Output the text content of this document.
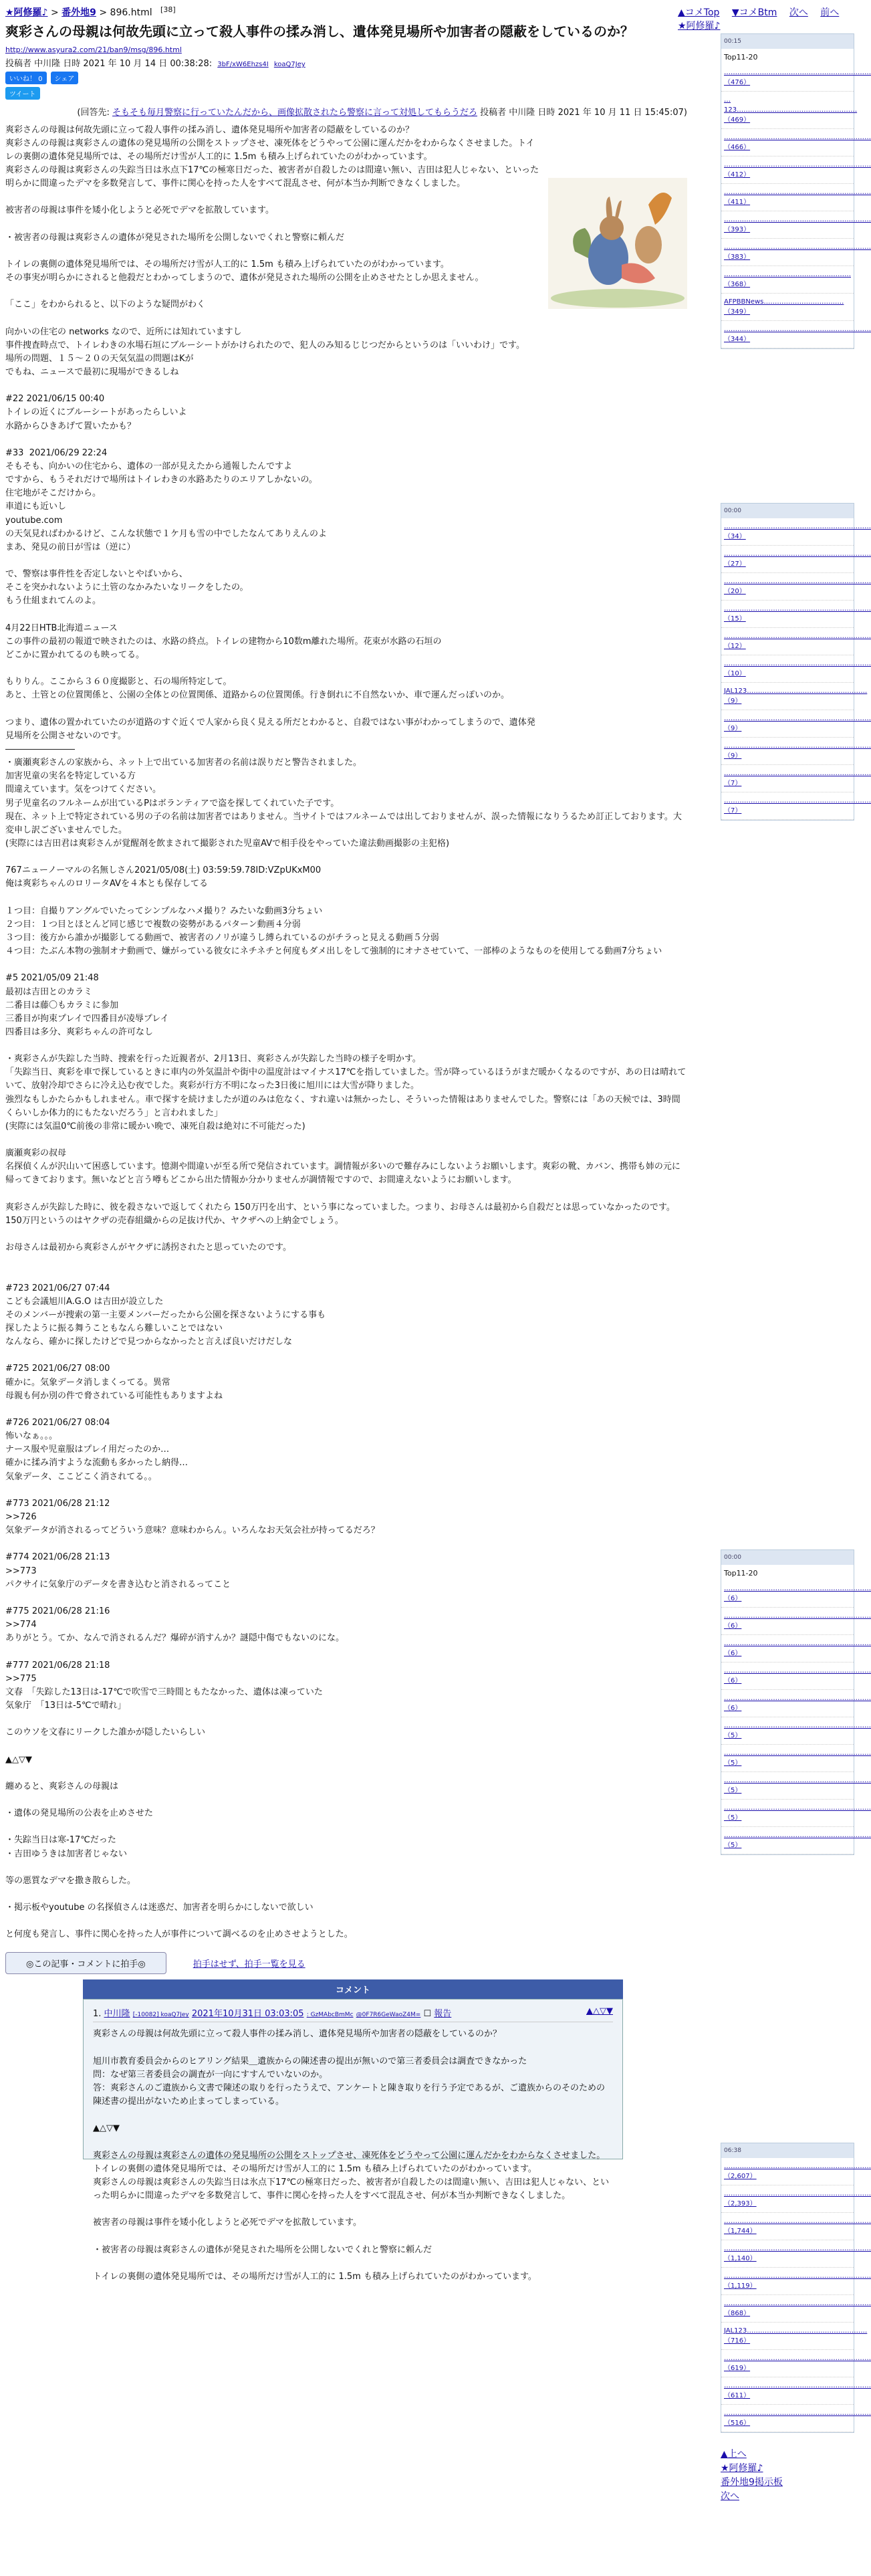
★阿修羅♪ > 番外地9 > 896.html [38]
爽彩さんの母親は何故先頭に立って殺人事件の揉み消し、遺体発見場所や加害者の隠蔽をしているのか？
http://www.asyura2.com/21/ban9/msg/896.html
投稿者 中川隆 日時 2021 年 10 月 14 日 00:38:28: 3bF/xW6Ehzs4I koaQ7Jey
いいね！ 0	シェア
ツイート
(回答先: そもそも毎月警察に行っていたんだから、画像拡散されたら警察に言って対処してもらうだろ 投稿者 中川隆 日時 2021 年 10 月 11 日 15:45:07)
爽彩さんの母親は何故先頭に立って殺人事件の揉み消し、遺体発見場所や加害者の隠蔽をしているのか？
爽彩さんの母親は爽彩さんの遺体の発見場所の公開をストップさせ、凍死体をどうやって公園に運んだかをわからなくさせました。トイレの裏側の遺体発見場所では、その場所だけ雪が人工的に 1.5m も積み上げられていたのがわかっています。
爽彩さんの母親は爽彩さんの失踪当日は氷点下17℃の極寒日だった、被害者が自殺したのは間違い無い、吉田は犯人じゃない、といった明らかに間違ったデマを多数発言して、事件に関心を持った人をすべて混乱させ、何が本当か判断できなくしました。

被害者の母親は事件を矮小化しようと必死でデマを拡散しています。

・被害者の母親は爽彩さんの遺体が発見された場所を公開しないでくれと警察に頼んだ

トイレの裏側の遺体発見場所では、その場所だけ雪が人工的に 1.5m も積み上げられていたのがわかっています。
その事実が明らかにされると他殺だとわかってしまうので、遺体が発見された場所の公開を止めさせたとしか思えません。

「ここ」をわかられると、以下のような疑問がわく

向かいの住宅の networks なので、近所には知れていますし
事件捜査時点で、トイレわきの水場石垣にブルーシートがかけられたので、犯人のみ知るじじつだからというのは「いいわけ」です。
場所の問題、１５～２０の天気気温の問題はKが
でもね、ニュースで最初に現場ができるしね

#22 2021/06/15 00:40
トイレの近くにブルーシートがあったらしいよ
水路からひきあげて置いたかも？

#33  2021/06/29 22:24
そもそも、向かいの住宅から、遺体の一部が見えたから通報したんですよ
ですから、もうそれだけで場所はトイレわきの水路あたりのエリアしかないの。
住宅地がそこだけから。
車道にも近いし
youtube.com
の天気見ればわかるけど、こんな状態で１ケ月も雪の中でしたなんてありえんのよ
まあ、発見の前日が雪は（逆に）

で、警察は事件性を否定しないとやばいから、
そこを突かれないように土管のなかみたいなリークをしたの。
もう仕組まれてんのよ。

4月22日HTB北海道ニュース
この事件の最初の報道で映されたのは、水路の終点。トイレの建物から10数m離れた場所。花束が水路の石垣の
どこかに置かれてるのも映ってる。

もりりん。ここから３６０度撮影と、石の場所特定して。
あと、土管との位置関係と、公園の全体との位置関係、道路からの位置関係。行き倒れに不自然ないか、車で運んだっぽいのか。

つまり、遺体の置かれていたのが道路のすぐ近くで人家から良く見える所だとわかると、自殺ではない事がわかってしまうので、遺体発見場所を公開させないのです。
――――――――
・廣瀬爽彩さんの家族から、ネット上で出ている加害者の名前は誤りだと警告されました。
加害児童の実名を特定している方
間違えています。気をつけてください。
男子児童名のフルネームが出ているPはボランティアで盗を探してくれていた子です。
現在、ネット上で特定されている男の子の名前は加害者ではありません。当サイトではフルネームでは出しておりませんが、誤った情報になりうるため訂正しております。大変申し訳ございませんでした。
(実際には吉田君は爽彩さんが覚醒剤を飲まされて撮影された児童AVで相手役をやっていた違法動画撮影の主犯格)

767ニューノーマルの名無しさん2021/05/08(土) 03:59:59.78ID:VZpUKxM00
俺は爽彩ちゃんのロリータAVを４本とも保存してる

１つ目：自撮りアングルでいたってシンプルなハメ撮り？みたいな動画3分ちょい
２つ目：１つ目とほとんど同じ感じで複数の姿勢があるパターン動画４分弱
３つ目：後方から誰かが撮影してる動画で、被害者のノリが違うし縛られているのがチラっと見える動画５分弱
４つ目：たぶん本物の強制オナ動画で、嫌がっている彼女にネチネチと何度もダメ出しをして強制的にオナさせていて、一部棒のようなものを使用してる動画7分ちょい

#5 2021/05/09 21:48
最初は吉田とのカラミ
二番目は藤〇もカラミに参加
三番目が拘束プレイで四番目が凌辱プレイ
四番目は多分、爽彩ちゃんの許可なし

・爽彩さんが失踪した当時、捜索を行った近親者が、2月13日、爽彩さんが失踪した当時の様子を明かす。
「失踪当日、爽彩を車で探しているときに車内の外気温計や街中の温度計はマイナス17℃を指していました。雪が降っているほうがまだ暖かくなるのですが、あの日は晴れていて、放射冷却でさらに冷え込む夜でした。爽彩が行方不明になった3日後に旭川には大雪が降りました。
強烈なもしかたらかもしれません。車で探すを続けましたが道のみは危なく、すれ違いは無かったし、そういった情報はありませんでした。警察には「あの天候では、3時間くらいしか体力的にもたないだろう」と言われました」
(実際には気温0℃前後の非常に暖かい晩で、凍死自殺は絶対に不可能だった)

廣瀬爽彩の叔母
名探偵くんが沢山いて困惑しています。憶測や間違いが至る所で発信されています。調情報が多いので難存みにしないようお願いします。爽彩の靴、カバン、携帯も姉の元に帰ってきております。無いなどと言う噂もどこから出た情報か分かりませんが調情報ですので、お間違えないようにお願いします。

爽彩さんが失踪した時に、彼を殺さないで返してくれたら 150万円を出す、という事になっていました。つまり、お母さんは最初から自殺だとは思っていなかったのです。150万円というのはヤクザの売春組織からの足抜け代か、ヤクザへの上納金でしょう。

お母さんは最初から爽彩さんがヤクザに誘拐されたと思っていたのです。

#723 2021/06/27 07:44
こども会議旭川A.G.O は吉田が設立した
そのメンバーが捜索の第一主要メンバーだったから公園を探さないようにする事も
探したように振る舞うこともなんら難しいことではない
なんなら、確かに探したけどで見つからなかったと言えば良いだけだしな

#725 2021/06/27 08:00
確かに。気象データ消しまくってる。異常
母親も何か別の件で脅されている可能性もありますよね

#726 2021/06/27 08:04
怖いなぁ。。。
ナース服や児童服はプレイ用だったのか…
確かに揉み消すような流動も多かったし納得…
気象データ、ここどこく消されてる。。

#773 2021/06/28 21:12
>>726
気象データが消されるってどういう意味？意味わからん。いろんなお天気会社が持ってるだろ？

#774 2021/06/28 21:13
>>773
パクサイに気象庁のデータを書き込むと消されるってこと

#775 2021/06/28 21:16
>>774
ありがとう。てか、なんで消されるんだ？爆碎が消すんか？謎隠中傷でもないのにな。

#777 2021/06/28 21:18
>>775
文春　「失踪した13日は-17℃で吹雪で三時間ともたなかった、遺体は凍っていた
気象庁　「13日は-5℃で晴れ」

このウソを文春にリークした誰かが隠したいらしい

▲△▽▼

纏めると、爽彩さんの母親は

・遺体の発見場所の公表を止めさせた

・失踪当日は寒-17℃だった
・吉田ゆうきは加害者じゃない

等の悪質なデマを撒き散らした。

・掲示板やyoutube の名探偵さんは迷惑だ、加害者を明らかにしないで欲しい

と何度も発言し、事件に関心を持った人が事件について調べるのを止めさせようとした。
◎この記事・コメントに拍手◎	拍手はせず、拍手一覧を見る
コメント
1. 中川隆 [-10082] koaQ7Jey 2021年10月31日 03:03:05 : GzMAbcBmMc @0F7R6GeWaoZ4M= ☐ 報告	▲△▽▼
爽彩さんの母親は何故先頭に立って殺人事件の揉み消し、遺体発見場所や加害者の隠蔽をしているのか？

旭川市教育委員会からのヒアリング結果＿遺族からの陳述書の提出が無いので第三者委員会は調査できなかった
問：なぜ第三者委員会の調査が一向にすすんでいないのか。
答：爽彩さんのご遺族から文書で陳述の取りを行ったうえで、アンケートと陳き取りを行う予定であるが、ご遺族からのそのための陳述書の提出がないため止まってしまっている。

▲△▽▼

爽彩さんの母親は爽彩さんの遺体の発見場所の公開をストップさせ、凍死体をどうやって公園に運んだかをわからなくさせました。トイレの裏側の遺体発見場所では、その場所だけ雪が人工的に 1.5m も積み上げられていたのがわかっています。
爽彩さんの母親は爽彩さんの失踪当日は氷点下17℃の極寒日だった、被害者が自殺したのは間違い無い、吉田は犯人じゃない、といった明らかに間違ったデマを多数発言して、事件に関心を持った人をすべて混乱させ、何が本当か判断できなくしました。

被害者の母親は事件を矮小化しようと必死でデマを拡散しています。

・被害者の母親は爽彩さんの遺体が発見された場所を公開しないでくれと警察に頼んだ

トイレの裏側の遺体発見場所では、その場所だけ雪が人工的に 1.5m も積み上げられていたのがわかっています。
▲コメTop ▼コメBtm 次へ 前へ ★阿修羅♪
00:15
Top11-20
…………………………………………………………（476）
…123………………………………………………（469）
…………………………………………………………（466）
…………………………………………………………（412）
…………………………………………………………（411）
…………………………………………………………（393）
…………………………………………………………（383）
…………………………………………………（368）
AFPBBNews………………………………（349）
…………………………………………………………（344）
00:00
…………………………………………………………（34）
…………………………………………………………（27）
…………………………………………………………（20）
…………………………………………………………（15）
…………………………………………………………（12）
…………………………………………………………（10）
JAL123………………………………………………（9）
…………………………………………………………（9）
…………………………………………………………（9）
…………………………………………………………（7）
…………………………………………………………（7）
00:00
Top11-20
…………………………………………………………（6）
…………………………………………………………（6）
…………………………………………………………（6）
…………………………………………………………（6）
…………………………………………………………（6）
…………………………………………………………（5）
…………………………………………………………（5）
…………………………………………………………（5）
…………………………………………………………（5）
…………………………………………………………（5）
06:38
…………………………………………………………（2,607）
…………………………………………………………（2,393）
…………………………………………………………（1,744）
…………………………………………………………（1,140）
…………………………………………………………（1,119）
…………………………………………………………（868）
JAL123………………………………………………（716）
…………………………………………………………（619）
…………………………………………………………（611）
…………………………………………………………（516）
▲上へ
★阿修羅♪
番外地9掲示板
次へ
